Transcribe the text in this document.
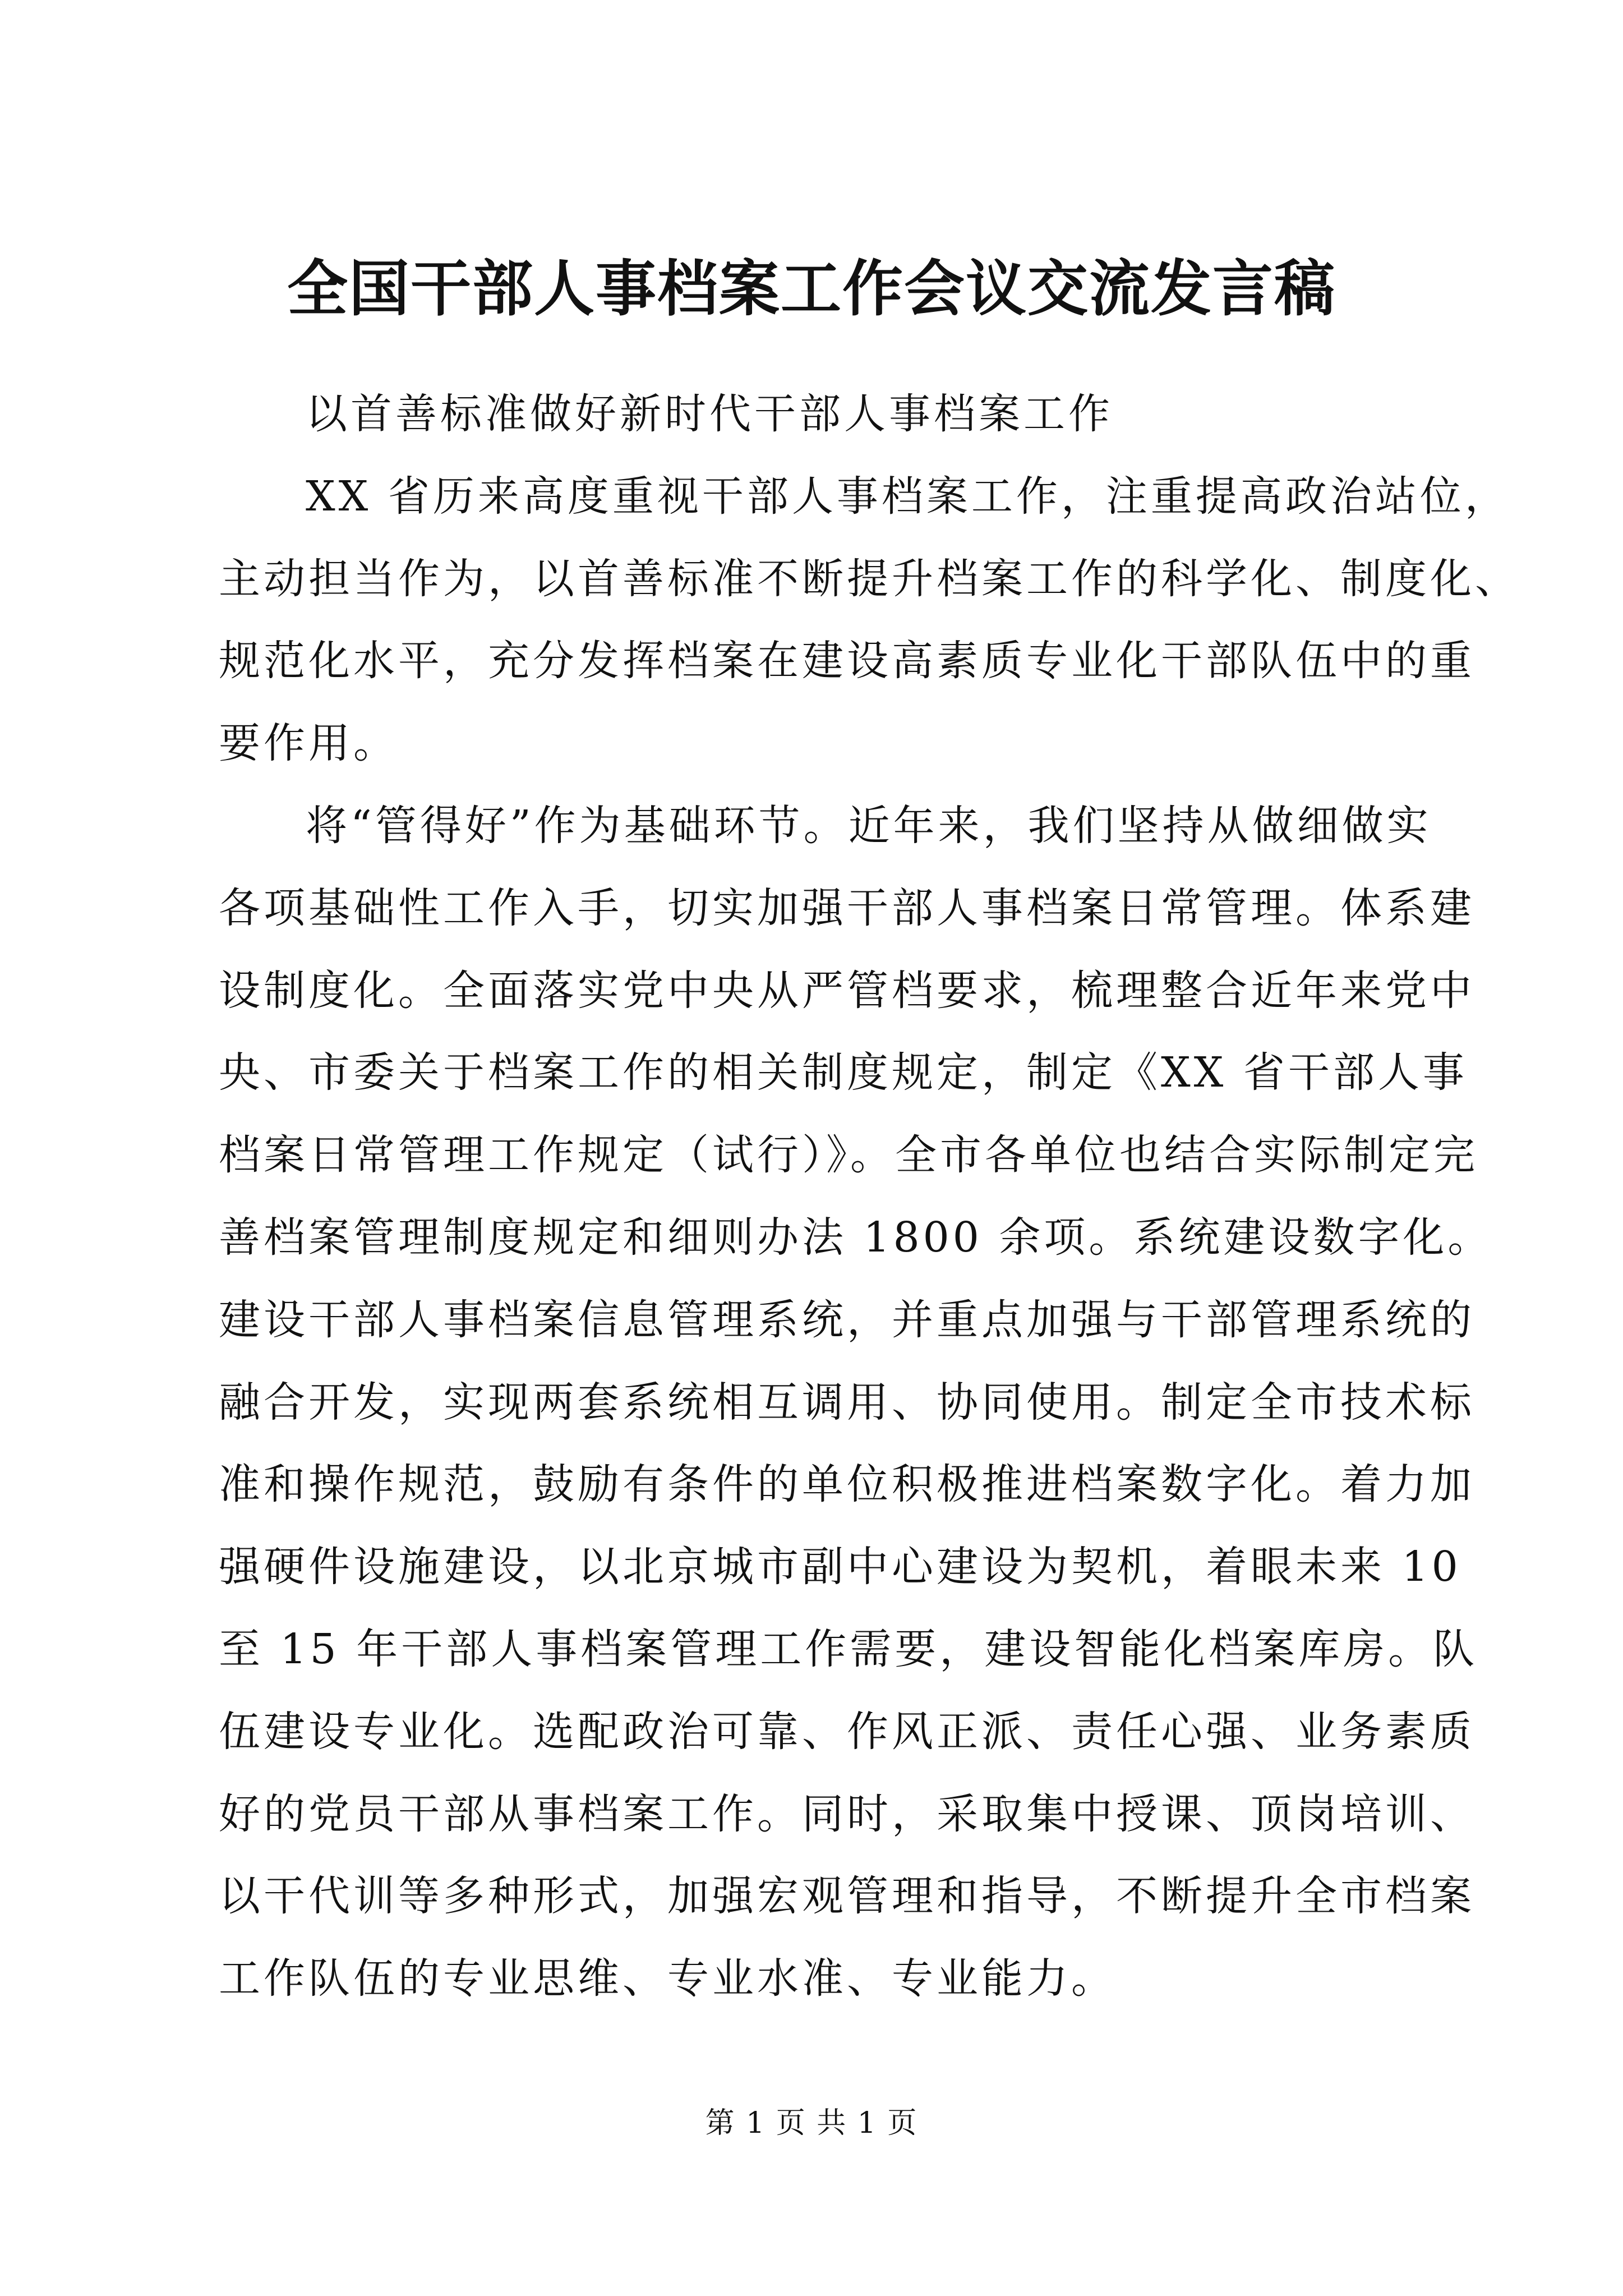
全国干部人事档案工作会议交流发言稿
以首善标准做好新时代干部人事档案工作
XX 省历来高度重视干部人事档案工作，注重提高政治站位，
主动担当作为，以首善标准不断提升档案工作的科学化、制度化、
规范化水平，充分发挥档案在建设高素质专业化干部队伍中的重
要作用。
将“管得好”作为基础环节。近年来，我们坚持从做细做实
各项基础性工作入手，切实加强干部人事档案日常管理。体系建
设制度化。全面落实党中央从严管档要求，梳理整合近年来党中
央、市委关于档案工作的相关制度规定，制定《XX 省干部人事
档案日常管理工作规定（试行）》。全市各单位也结合实际制定完
善档案管理制度规定和细则办法 1800 余项。系统建设数字化。
建设干部人事档案信息管理系统，并重点加强与干部管理系统的
融合开发，实现两套系统相互调用、协同使用。制定全市技术标
准和操作规范，鼓励有条件的单位积极推进档案数字化。着力加
强硬件设施建设，以北京城市副中心建设为契机，着眼未来 10
至 15 年干部人事档案管理工作需要，建设智能化档案库房。队
伍建设专业化。选配政治可靠、作风正派、责任心强、业务素质
好的党员干部从事档案工作。同时，采取集中授课、顶岗培训、
以干代训等多种形式，加强宏观管理和指导，不断提升全市档案
工作队伍的专业思维、专业水准、专业能力。
第 1 页 共 1 页
